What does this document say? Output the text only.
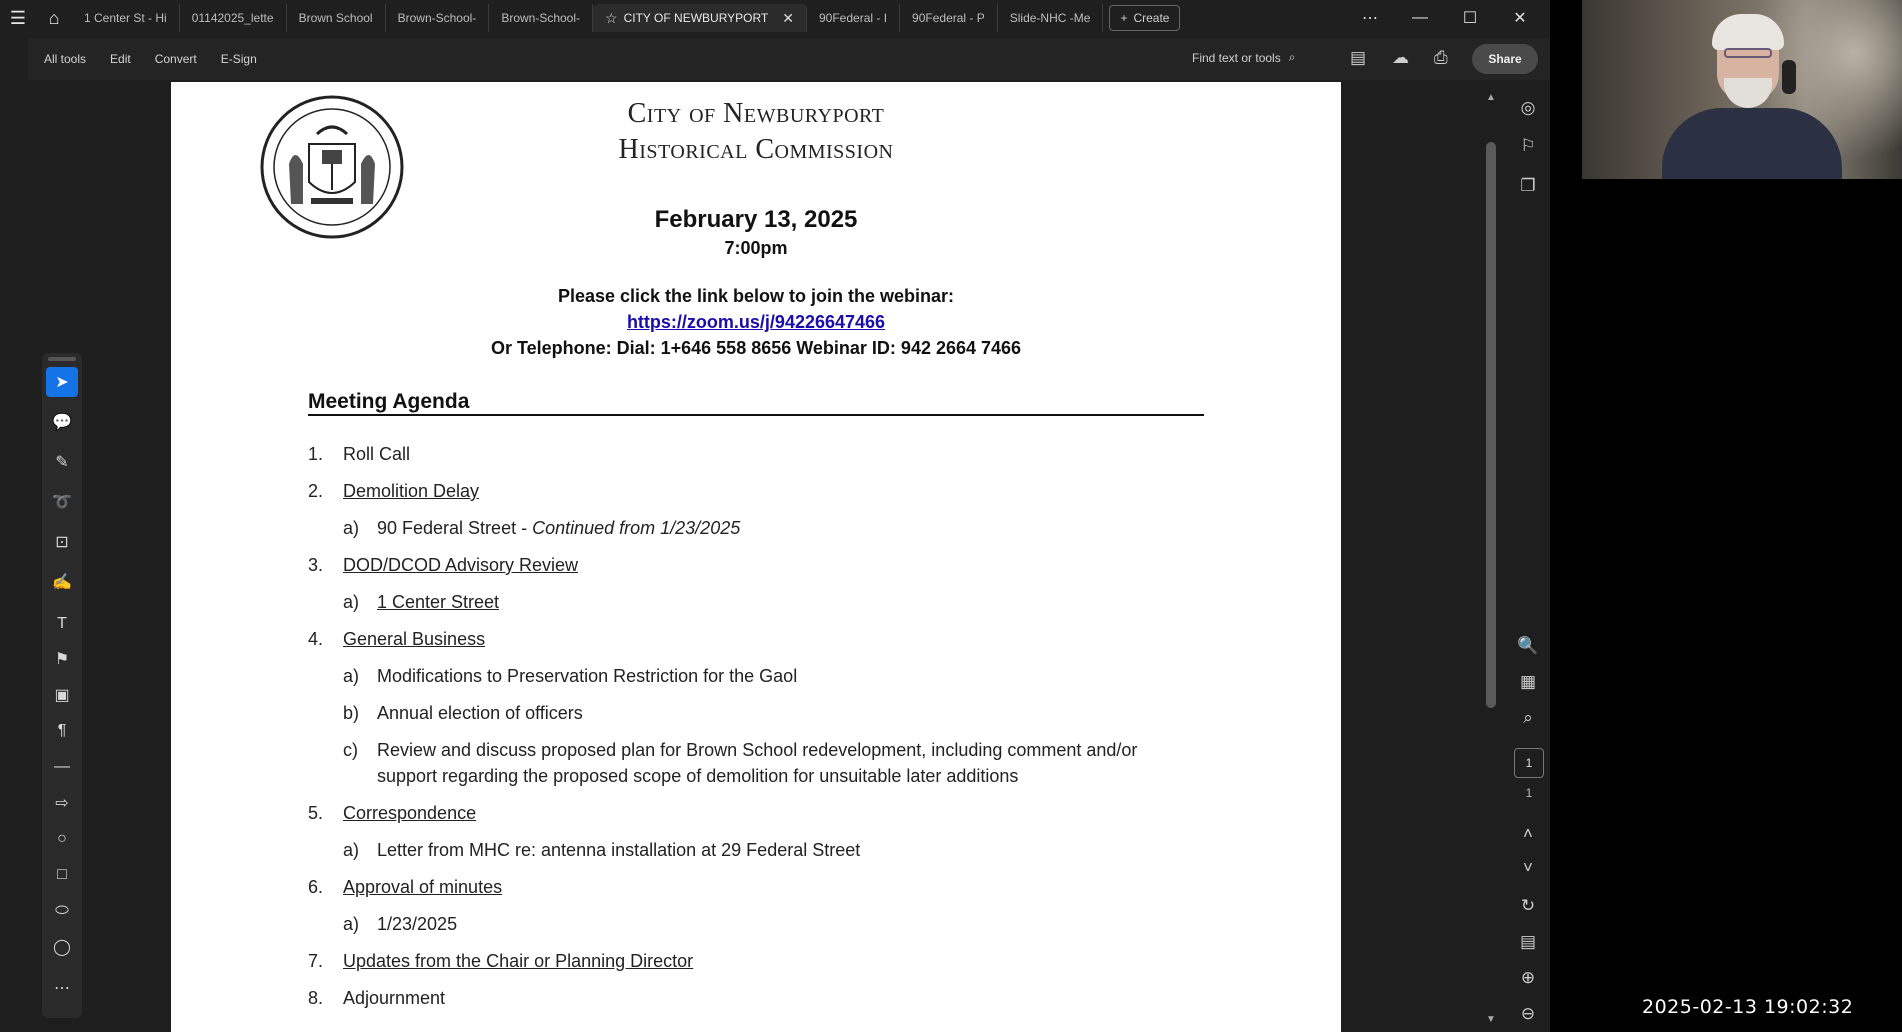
☰	⌂	1 Center St - Hi 01142025_lette Brown School Brown-School- Brown-School- ☆ CITY OF NEWBURYPORT ✕ 90Federal - I 90Federal - P Slide-NHC -Me	+ Create	⋯	—	☐	✕
All tools Edit Convert E-Sign	Find text or tools ⌕	▤ ☁ ⎙	Share
City of Newburyport
Historical Commission
February 13, 2025
7:00pm
Please click the link below to join the webinar:
https://zoom.us/j/94226647466
Or Telephone: Dial: 1+646 558 8656 Webinar ID: 942 2664 7466
Meeting Agenda
1. Roll Call
2. Demolition Delay
a) 90 Federal Street - Continued from 1/23/2025
3. DOD/DCOD Advisory Review
a) 1 Center Street
4. General Business
a) Modifications to Preservation Restriction for the Gaol
b) Annual election of officers
c) Review and discuss proposed plan for Brown School redevelopment, including comment and/or
support regarding the proposed scope of demolition for unsuitable later additions
5. Correspondence
a) Letter from MHC re: antenna installation at 29 Federal Street
6. Approval of minutes
a) 1/23/2025
7. Updates from the Chair or Planning Director
8. Adjournment
➤
💬
✎
➰
⊡
✍
T
⚑
▣
¶
—
⇨
○
□
⬭
◯
⋯
▲
▼
◎
⚐
❐
🔍
▦
⌕
1
1
˄
˅
↻
▤
⊕
⊖	2025-02-13 19:02:32
